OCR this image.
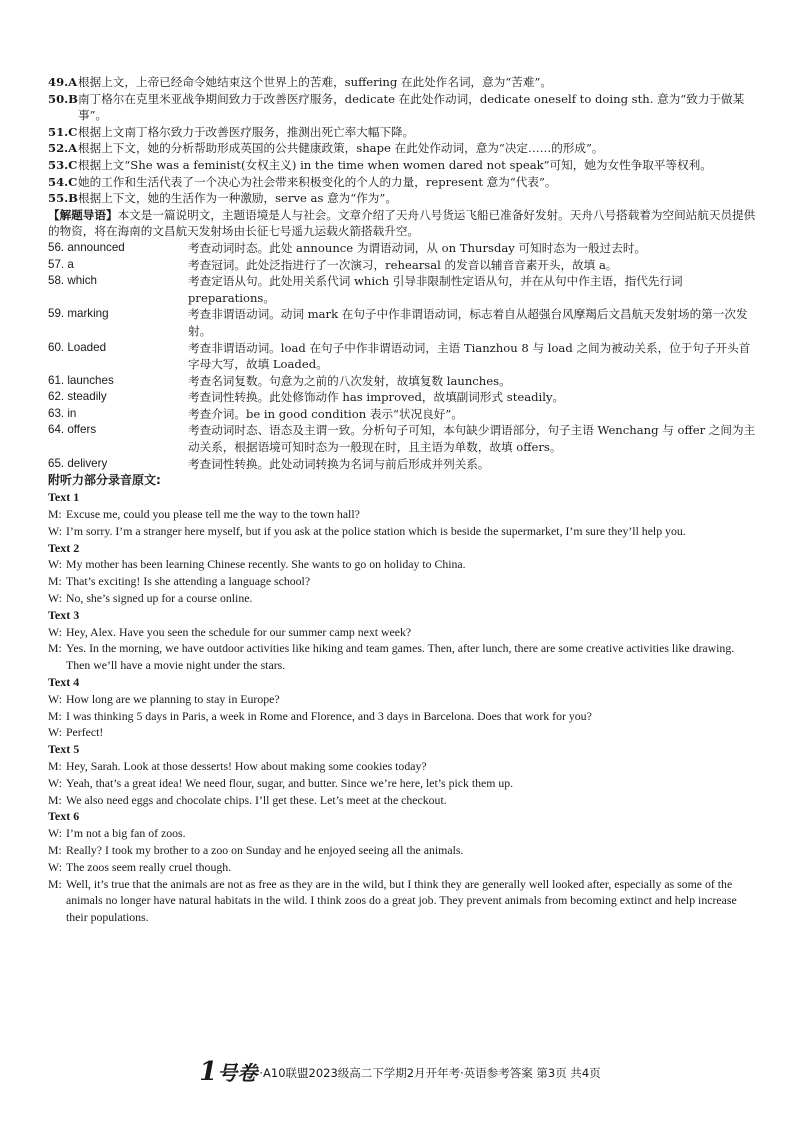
49.A 根据上文，上帝已经命令她结束这个世界上的苦难，suffering 在此处作名词，意为“苦难”。
50.B 南丁格尔在克里米亚战争期间致力于改善医疗服务，dedicate 在此处作动词，dedicate oneself to doing sth. 意为“致力于做某事”。
51.C 根据上文南丁格尔致力于改善医疗服务，推测出死亡率大幅下降。
52.A 根据上下文，她的分析帮助形成英国的公共健康政策，shape 在此处作动词，意为“决定……的形成”。
53.C 根据上文“She was a feminist(女权主义) in the time when women dared not speak”可知，她为女性争取平等权利。
54.C 她的工作和生活代表了一个决心为社会带来积极变化的个人的力量，represent 意为“代表”。
55.B 根据上下文，她的生活作为一种激励，serve as 意为“作为”。
【解题导语】本文是一篇说明文，主题语境是人与社会。文章介绍了天舟八号货运飞船已准备好发射。天舟八号搭载着为空间站航天员提供的物资，将在海南的文昌航天发射场由长征七号遥九运载火箭搭载升空。
56. announced	考查动词时态。此处 announce 为谓语动词，从 on Thursday 可知时态为一般过去时。
57. a	考查冠词。此处泛指进行了一次演习，rehearsal 的发音以辅音音素开头，故填 a。
58. which	考查定语从句。此处用关系代词 which 引导非限制性定语从句，并在从句中作主语，指代先行词 preparations。
59. marking	考查非谓语动词。动词 mark 在句子中作非谓语动词，标志着自从超强台风摩羯后文昌航天发射场的第一次发射。
60. Loaded	考查非谓语动词。load 在句子中作非谓语动词，主语 Tianzhou 8 与 load 之间为被动关系，位于句子开头首字母大写，故填 Loaded。
61. launches	考查名词复数。句意为之前的八次发射，故填复数 launches。
62. steadily	考查词性转换。此处修饰动作 has improved，故填副词形式 steadily。
63. in	考查介词。be in good condition 表示“状况良好”。
64. offers	考查动词时态、语态及主谓一致。分析句子可知，本句缺少谓语部分，句子主语 Wenchang 与 offer 之间为主动关系，根据语境可知时态为一般现在时，且主语为单数，故填 offers。
65. delivery	考查词性转换。此处动词转换为名词与前后形成并列关系。
附听力部分录音原文:
Text 1
M: Excuse me, could you please tell me the way to the town hall?
W: I’m sorry. I’m a stranger here myself, but if you ask at the police station which is beside the supermarket, I’m sure they’ll help you.
Text 2
W: My mother has been learning Chinese recently. She wants to go on holiday to China.
M: That’s exciting! Is she attending a language school?
W: No, she’s signed up for a course online.
Text 3
W: Hey, Alex. Have you seen the schedule for our summer camp next week?
M: Yes. In the morning, we have outdoor activities like hiking and team games. Then, after lunch, there are some creative activities like drawing. Then we’ll have a movie night under the stars.
Text 4
W: How long are we planning to stay in Europe?
M: I was thinking 5 days in Paris, a week in Rome and Florence, and 3 days in Barcelona. Does that work for you?
W: Perfect!
Text 5
M: Hey, Sarah. Look at those desserts! How about making some cookies today?
W: Yeah, that’s a great idea! We need flour, sugar, and butter. Since we’re here, let’s pick them up.
M: We also need eggs and chocolate chips. I’ll get these. Let’s meet at the checkout.
Text 6
W: I’m not a big fan of zoos.
M: Really? I took my brother to a zoo on Sunday and he enjoyed seeing all the animals.
W: The zoos seem really cruel though.
M: Well, it’s true that the animals are not as free as they are in the wild, but I think they are generally well looked after, especially as some of the animals no longer have natural habitats in the wild. I think zoos do a great job. They prevent animals from becoming extinct and help increase their populations.
1号卷 ·A10联盟2023级高二下学期2月开年考·英语参考答案 第3页 共4页
